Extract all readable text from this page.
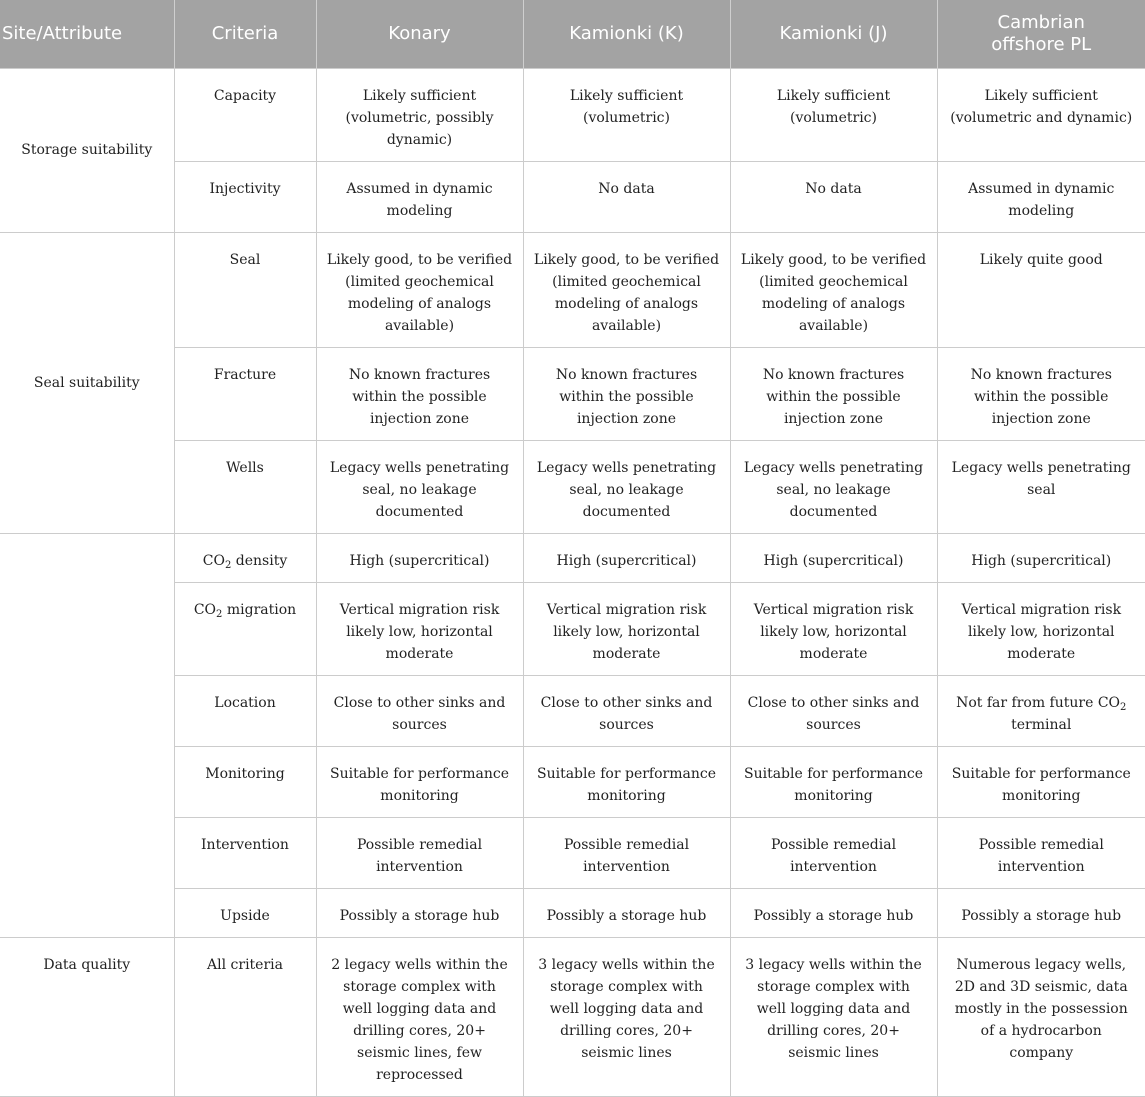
Site/Attribute	Criteria	Konary	Kamionki (K)	Kamionki (J)	Cambrian
offshore PL
Storage suitability	Capacity	Likely sufficient (volumetric, possibly dynamic)	Likely sufficient (volumetric)	Likely sufficient (volumetric)	Likely sufficient (volumetric and dynamic)
	Injectivity	Assumed in dynamic modeling	No data	No data	Assumed in dynamic modeling
Seal suitability	Seal	Likely good, to be verified (limited geochemical modeling of analogs available)	Likely good, to be verified (limited geochemical modeling of analogs available)	Likely good, to be verified (limited geochemical modeling of analogs available)	Likely quite good
	Fracture	No known fractures within the possible injection zone	No known fractures within the possible injection zone	No known fractures within the possible injection zone	No known fractures within the possible injection zone
	Wells	Legacy wells penetrating seal, no leakage documented	Legacy wells penetrating seal, no leakage documented	Legacy wells penetrating seal, no leakage documented	Legacy wells penetrating seal
	$CO_2$ density	High (supercritical)	High (supercritical)	High (supercritical)	High (supercritical)
	$CO_2$ migration	Vertical migration risk likely low, horizontal moderate	Vertical migration risk likely low, horizontal moderate	Vertical migration risk likely low, horizontal moderate	Vertical migration risk likely low, horizontal moderate
	Location	Close to other sinks and sources	Close to other sinks and sources	Close to other sinks and sources	Not far from future $CO_2$ terminal
	Monitoring	Suitable for performance monitoring	Suitable for performance monitoring	Suitable for performance monitoring	Suitable for performance monitoring
	Intervention	Possible remedial intervention	Possible remedial intervention	Possible remedial intervention	Possible remedial intervention
	Upside	Possibly a storage hub	Possibly a storage hub	Possibly a storage hub	Possibly a storage hub
Data quality	All criteria	2 legacy wells within the storage complex with well logging data and drilling cores, 20+ seismic lines, few reprocessed	3 legacy wells within the storage complex with well logging data and drilling cores, 20+ seismic lines	3 legacy wells within the storage complex with well logging data and drilling cores, 20+ seismic lines	Numerous legacy wells, 2D and 3D seismic, data mostly in the possession of a hydrocarbon company
